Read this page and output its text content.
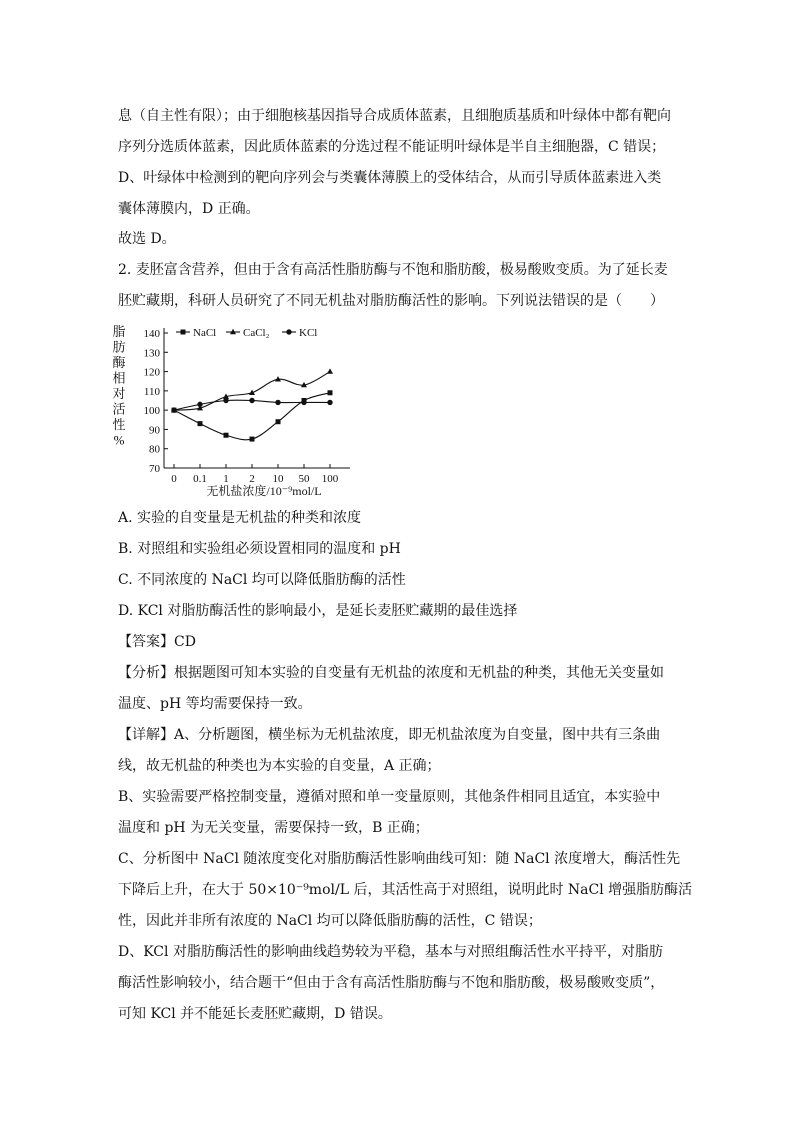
息（自主性有限）；由于细胞核基因指导合成质体蓝素，且细胞质基质和叶绿体中都有靶向
序列分选质体蓝素，因此质体蓝素的分选过程不能证明叶绿体是半自主细胞器，C 错误；
D、叶绿体中检测到的靶向序列会与类囊体薄膜上的受体结合，从而引导质体蓝素进入类
囊体薄膜内，D 正确。
故选 D。
2. 麦胚富含营养，但由于含有高活性脂肪酶与不饱和脂肪酸，极易酸败变质。为了延长麦
胚贮藏期，科研人员研究了不同无机盐对脂肪酶活性的影响。下列说法错误的是（　　）
脂
肪
酶
相
对
活
性
%
70
80
90
100
110
120
130
140
0 0.1 1 2 10 50 100
NaCl CaCl₂	KCl
无机盐浓度/10⁻⁹mol/L
A. 实验的自变量是无机盐的种类和浓度
B. 对照组和实验组必须设置相同的温度和 pH
C. 不同浓度的 NaCl 均可以降低脂肪酶的活性
D. KCl 对脂肪酶活性的影响最小，是延长麦胚贮藏期的最佳选择
【答案】CD
【分析】根据题图可知本实验的自变量有无机盐的浓度和无机盐的种类，其他无关变量如
温度、pH 等均需要保持一致。
【详解】A、分析题图，横坐标为无机盐浓度，即无机盐浓度为自变量，图中共有三条曲
线，故无机盐的种类也为本实验的自变量，A 正确；
B、实验需要严格控制变量，遵循对照和单一变量原则，其他条件相同且适宜，本实验中
温度和 pH 为无关变量，需要保持一致，B 正确；
C、分析图中 NaCl 随浓度变化对脂肪酶活性影响曲线可知：随 NaCl 浓度增大，酶活性先
下降后上升，在大于 50×10⁻⁹mol/L 后，其活性高于对照组，说明此时 NaCl 增强脂肪酶活
性，因此并非所有浓度的 NaCl 均可以降低脂肪酶的活性，C 错误；
D、KCl 对脂肪酶活性的影响曲线趋势较为平稳，基本与对照组酶活性水平持平，对脂肪
酶活性影响较小，结合题干“但由于含有高活性脂肪酶与不饱和脂肪酸，极易酸败变质”，
可知 KCl 并不能延长麦胚贮藏期，D 错误。
